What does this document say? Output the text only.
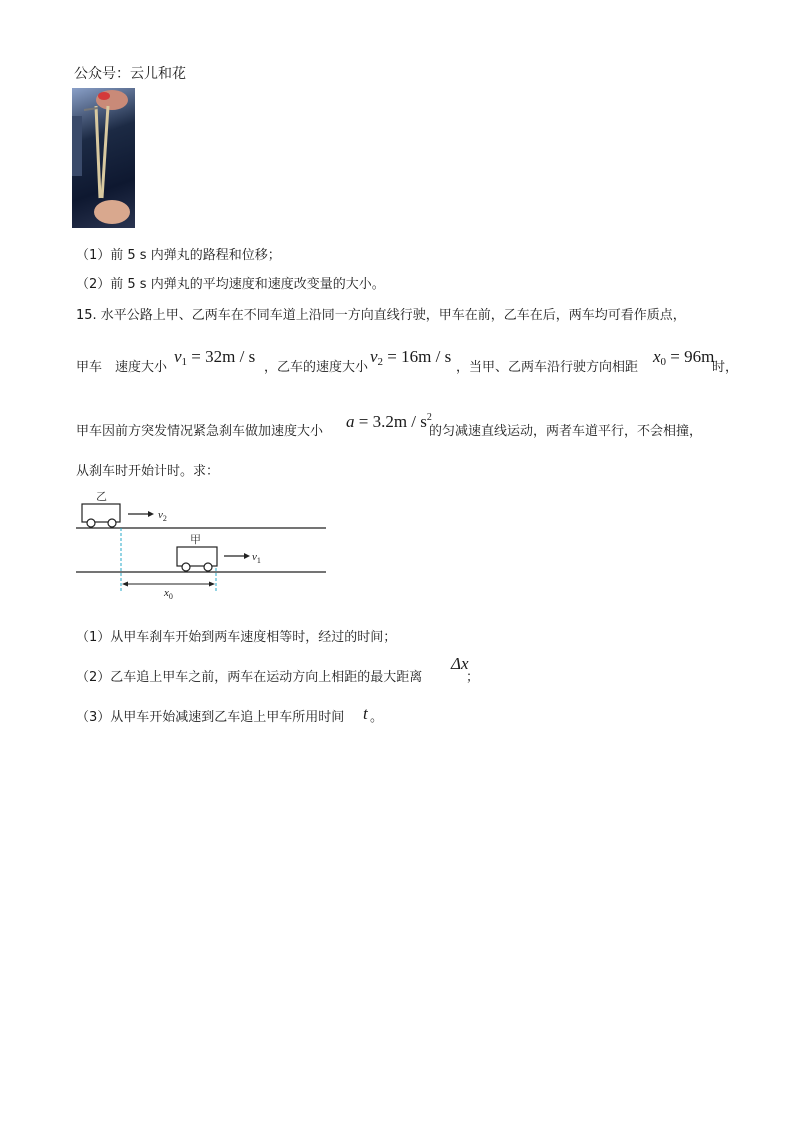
公众号：云儿和花
（1）前 5 s 内弹丸的路程和位移；
（2）前 5 s 内弹丸的平均速度和速度改变量的大小。
15. 水平公路上甲、乙两车在不同车道上沿同一方向直线行驶，甲车在前，乙车在后，两车均可看作质点，
甲车　速度大小
$v_1 = 32m / s$
，乙车的速度大小
$v_2 = 16m / s$
，当甲、乙两车沿行驶方向相距
$x_0 = 96m$
时，
甲车因前方突发情况紧急刹车做加速度大小
$a = 3.2m / s^2$
的匀减速直线运动，两者车道平行，不会相撞，
从刹车时开始计时。求：
乙
$v_2$
甲
$v_1$
$x_0$
（1）从甲车刹车开始到两车速度相等时，经过的时间；
（2）乙车追上甲车之前，两车在运动方向上相距的最大距离
Δx
；
（3）从甲车开始减速到乙车追上甲车所用时间 t 。
